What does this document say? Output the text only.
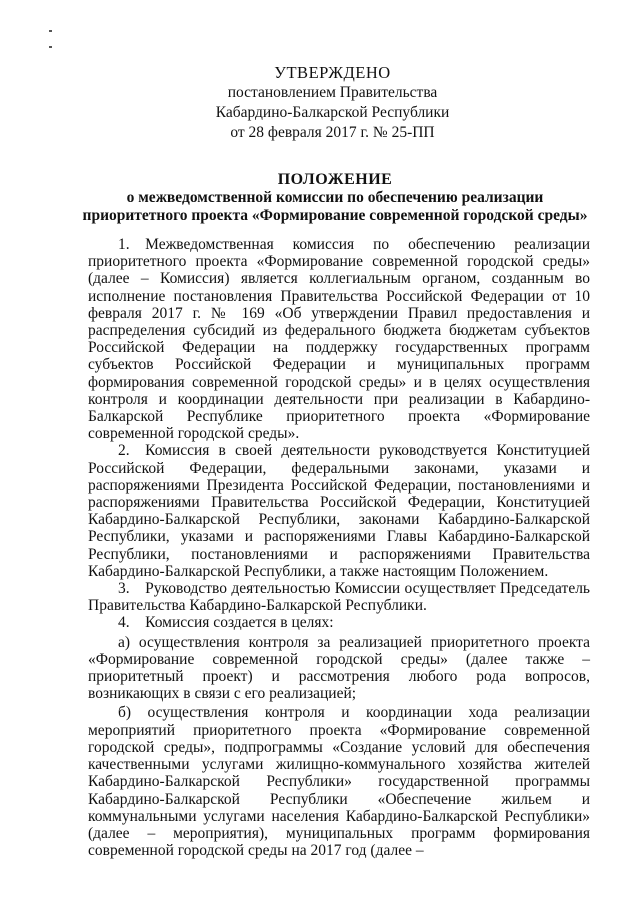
УТВЕРЖДЕНО
постановлением Правительства
Кабардино-Балкарской Республики
от 28 февраля 2017 г. № 25-ПП
ПОЛОЖЕНИЕ
о межведомственной комиссии по обеспечению реализации
приоритетного проекта «Формирование современной городской среды»

1. Межведомственная комиссия по обеспечению реализации приоритетного проекта «Формирование современной городской среды» (далее – Комиссия) является коллегиальным органом, созданным во исполнение постановления Правительства Российской Федерации от 10 февраля 2017 г. № 169 «Об утверждении Правил предоставления и распределения субсидий из федерального бюджета бюджетам субъектов Российской Федерации на поддержку государственных программ субъектов Российской Федерации и муниципальных программ формирования современной городской среды» и в целях осуществления контроля и координации деятельности при реализации в Кабардино-Балкарской Республике приоритетного проекта «Формирование современной городской среды».

2. Комиссия в своей деятельности руководствуется Конституцией Российской Федерации, федеральными законами, указами и распоряжениями Президента Российской Федерации, постановлениями и распоряжениями Правительства Российской Федерации, Конституцией Кабардино-Балкарской Республики, законами Кабардино-Балкарской Республики, указами и распоряжениями Главы Кабардино-Балкарской Республики, постановлениями и распоряжениями Правительства Кабардино-Балкарской Республики, а также настоящим Положением.

3. Руководство деятельностью Комиссии осуществляет Председатель Правительства Кабардино-Балкарской Республики.

4. Комиссия создается в целях:

а) осуществления контроля за реализацией приоритетного проекта «Формирование современной городской среды» (далее также – приоритетный проект) и рассмотрения любого рода вопросов, возникающих в связи с его реализацией;

б) осуществления контроля и координации хода реализации мероприятий приоритетного проекта «Формирование современной городской среды», подпрограммы «Создание условий для обеспечения качественными услугами жилищно-коммунального хозяйства жителей Кабардино-Балкарской Республики» государственной программы Кабардино-Балкарской Республики «Обеспечение жильем и коммунальными услугами населения Кабардино-Балкарской Республики» (далее – мероприятия), муниципальных программ формирования современной городской среды на 2017 год (далее –
